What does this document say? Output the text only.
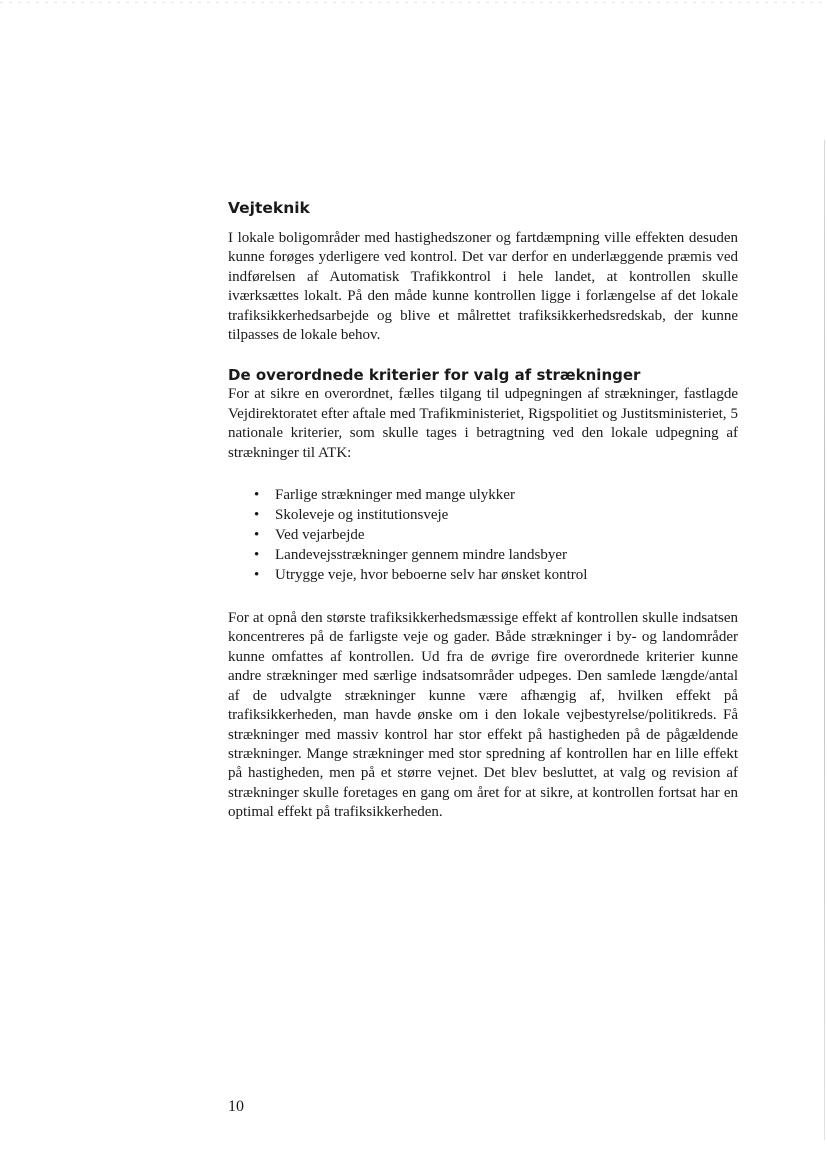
Vejteknik

I lokale boligområder med hastighedszoner og fartdæmpning ville effekten desuden kunne forøges yderligere ved kontrol. Det var derfor en underlæggende præmis ved indførelsen af Automatisk Trafikkontrol i hele landet, at kontrollen skulle iværksættes lokalt. På den måde kunne kontrollen ligge i forlængelse af det lokale trafiksikkerhedsarbejde og blive et målrettet trafiksikkerhedsredskab, der kunne tilpasses de lokale behov.

De overordnede kriterier for valg af strækninger

For at sikre en overordnet, fælles tilgang til udpegningen af strækninger, fastlagde Vejdirektoratet efter aftale med Trafikministeriet, Rigspolitiet og Justitsministeriet, 5 nationale kriterier, som skulle tages i betragtning ved den lokale udpegning af strækninger til ATK:

• Farlige strækninger med mange ulykker
• Skoleveje og institutionsveje
• Ved vejarbejde
• Landevejsstrækninger gennem mindre landsbyer
• Utrygge veje, hvor beboerne selv har ønsket kontrol

For at opnå den største trafiksikkerhedsmæssige effekt af kontrollen skulle indsatsen koncentreres på de farligste veje og gader. Både strækninger i by- og landområder kunne omfattes af kontrollen. Ud fra de øvrige fire overordnede kriterier kunne andre strækninger med særlige indsatsområder udpeges. Den samlede længde/antal af de udvalgte strækninger kunne være afhængig af, hvilken effekt på trafiksikkerheden, man havde ønske om i den lokale vejbestyrelse/politikreds. Få strækninger med massiv kontrol har stor effekt på hastigheden på de pågældende strækninger. Mange strækninger med stor spredning af kontrollen har en lille effekt på hastigheden, men på et større vejnet. Det blev besluttet, at valg og revision af strækninger skulle foretages en gang om året for at sikre, at kontrollen fortsat har en optimal effekt på trafiksikkerheden.

10
